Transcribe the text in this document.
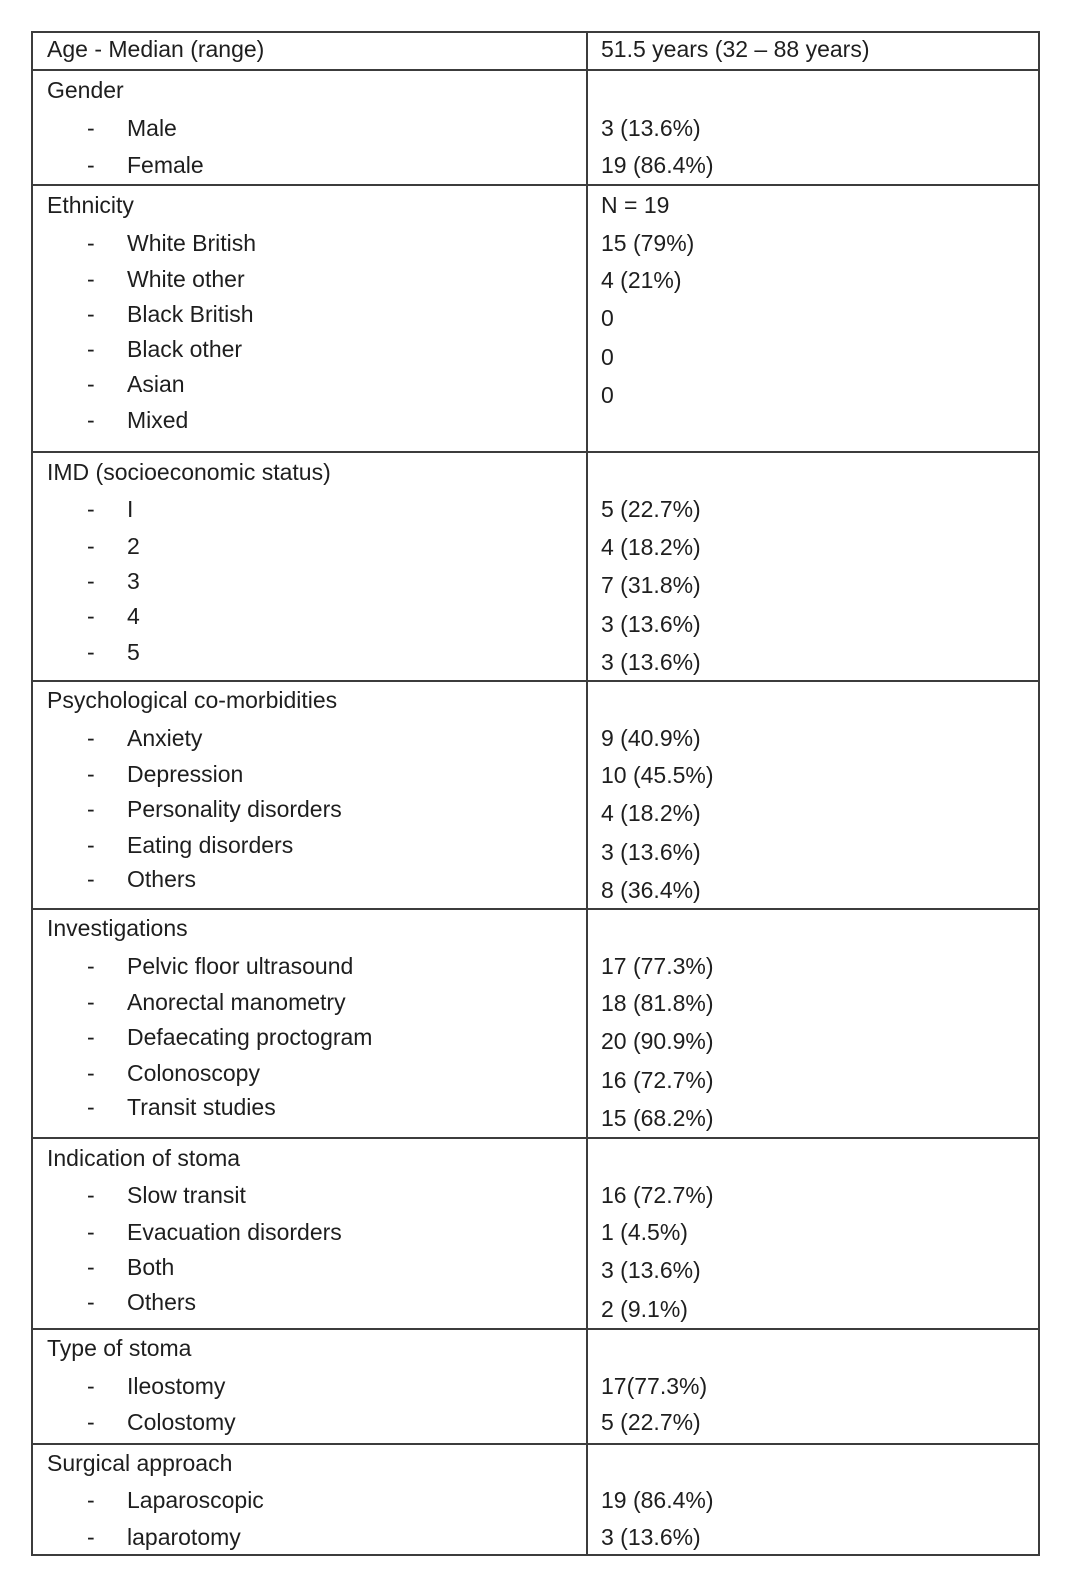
Age - Median (range)	51.5 years (32 – 88 years)
Gender
- Male	3 (13.6%)
- Female	19 (86.4%)
Ethnicity	N = 19
- White British	15 (79%)
- White other	4 (21%)
- Black British	0
- Black other	0
- Asian	0
- Mixed
IMD (socioeconomic status)
- I	5 (22.7%)
- 2	4 (18.2%)
- 3	7 (31.8%)
- 4	3 (13.6%)
- 5	3 (13.6%)
Psychological co-morbidities
- Anxiety	9 (40.9%)
- Depression	10 (45.5%)
- Personality disorders	4 (18.2%)
- Eating disorders	3 (13.6%)
- Others	8 (36.4%)
Investigations
- Pelvic floor ultrasound	17 (77.3%)
- Anorectal manometry	18 (81.8%)
- Defaecating proctogram	20 (90.9%)
- Colonoscopy	16 (72.7%)
- Transit studies	15 (68.2%)
Indication of stoma
- Slow transit	16 (72.7%)
- Evacuation disorders	1 (4.5%)
- Both	3 (13.6%)
- Others	2 (9.1%)
Type of stoma
- Ileostomy	17(77.3%)
- Colostomy	5 (22.7%)
Surgical approach
- Laparoscopic	19 (86.4%)
- laparotomy	3 (13.6%)
